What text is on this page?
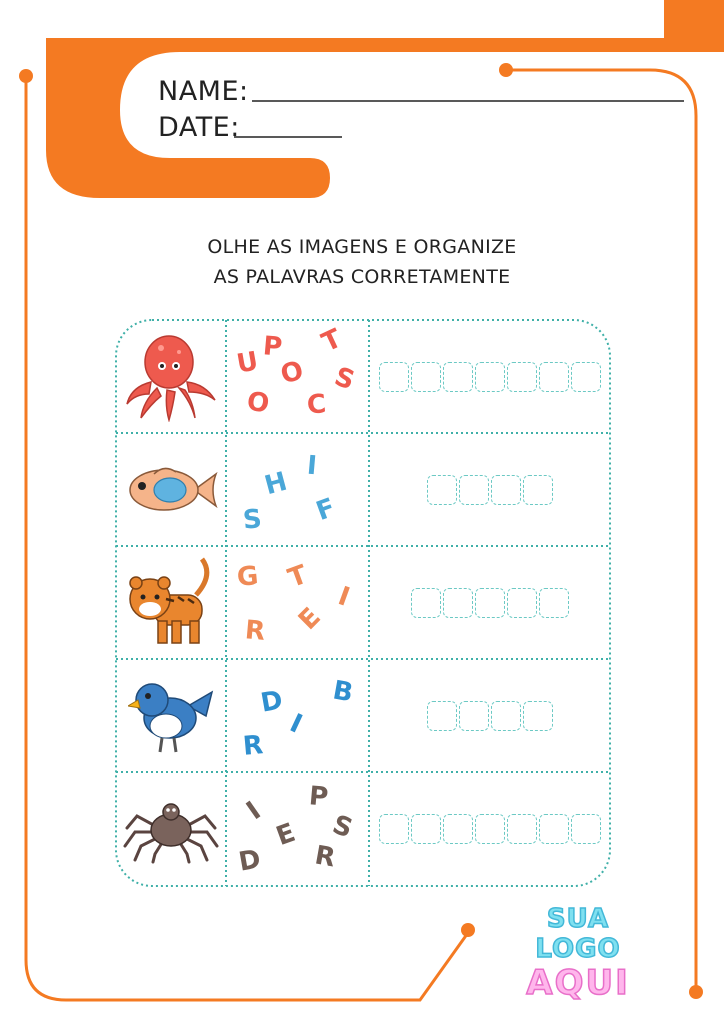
NAME:
DATE:
OLHE AS IMAGENS E ORGANIZE
AS PALAVRAS CORRETAMENTE
U P T
O S
O C
I
H
S F
G T
I
E
R
B
D
I
R
P
I S
E
D R
SUA LOGO
AQUI
